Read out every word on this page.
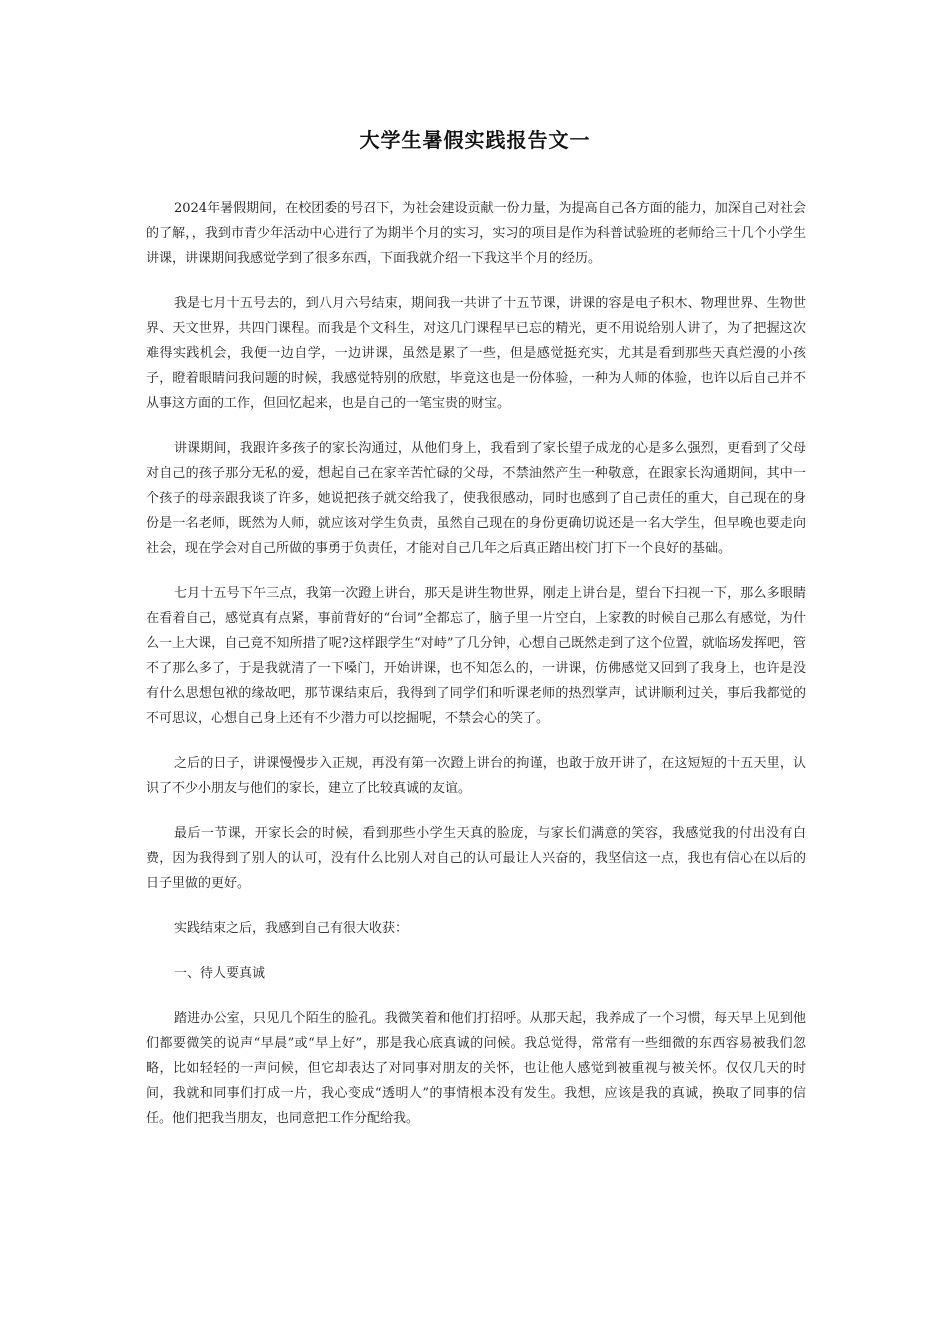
大学生暑假实践报告文一

2024年暑假期间，在校团委的号召下，为社会建设贡献一份力量，为提高自己各方面的能力，加深自己对社会的了解，，我到市青少年活动中心进行了为期半个月的实习，实习的项目是作为科普试验班的老师给三十几个小学生讲课，讲课期间我感觉学到了很多东西，下面我就介绍一下我这半个月的经历。

我是七月十五号去的，到八月六号结束，期间我一共讲了十五节课，讲课的容是电子积木、物理世界、生物世界、天文世界，共四门课程。而我是个文科生，对这几门课程早已忘的精光，更不用说给别人讲了，为了把握这次难得实践机会，我便一边自学，一边讲课，虽然是累了一些，但是感觉挺充实，尤其是看到那些天真烂漫的小孩子，瞪着眼睛问我问题的时候，我感觉特别的欣慰，毕竟这也是一份体验，一种为人师的体验，也许以后自己并不从事这方面的工作，但回忆起来，也是自己的一笔宝贵的财宝。

讲课期间，我跟许多孩子的家长沟通过，从他们身上，我看到了家长望子成龙的心是多么强烈，更看到了父母对自己的孩子那分无私的爱，想起自己在家辛苦忙碌的父母，不禁油然产生一种敬意，在跟家长沟通期间，其中一个孩子的母亲跟我谈了许多，她说把孩子就交给我了，使我很感动，同时也感到了自己责任的重大，自己现在的身份是一名老师，既然为人师，就应该对学生负责，虽然自己现在的身份更确切说还是一名大学生，但早晚也要走向社会，现在学会对自己所做的事勇于负责任，才能对自己几年之后真正踏出校门打下一个良好的基础。

七月十五号下午三点，我第一次蹬上讲台，那天是讲生物世界，刚走上讲台是，望台下扫视一下，那么多眼睛在看着自己，感觉真有点紧，事前背好的“台词”全都忘了，脑子里一片空白，上家教的时候自己那么有感觉，为什么一上大课，自己竟不知所措了呢?这样跟学生“对峙”了几分钟，心想自己既然走到了这个位置，就临场发挥吧，管不了那么多了，于是我就清了一下嗓门，开始讲课，也不知怎么的，一讲课，仿佛感觉又回到了我身上，也许是没有什么思想包袱的缘故吧，那节课结束后，我得到了同学们和听课老师的热烈掌声，试讲顺利过关，事后我都觉的不可思议，心想自己身上还有不少潜力可以挖掘呢，不禁会心的笑了。

之后的日子，讲课慢慢步入正规，再没有第一次蹬上讲台的拘谨，也敢于放开讲了，在这短短的十五天里，认识了不少小朋友与他们的家长，建立了比较真诚的友谊。

最后一节课，开家长会的时候，看到那些小学生天真的脸庞，与家长们满意的笑容，我感觉我的付出没有白费，因为我得到了别人的认可，没有什么比别人对自己的认可最让人兴奋的，我坚信这一点，我也有信心在以后的日子里做的更好。

实践结束之后，我感到自己有很大收获：

一、待人要真诚

踏进办公室，只见几个陌生的脸孔。我微笑着和他们打招呼。从那天起，我养成了一个习惯，每天早上见到他们都要微笑的说声“早晨”或“早上好”，那是我心底真诚的问候。我总觉得，常常有一些细微的东西容易被我们忽略，比如轻轻的一声问候，但它却表达了对同事对朋友的关怀，也让他人感觉到被重视与被关怀。仅仅几天的时间，我就和同事们打成一片，我心变成“透明人”的事情根本没有发生。我想，应该是我的真诚，换取了同事的信任。他们把我当朋友，也同意把工作分配给我。
